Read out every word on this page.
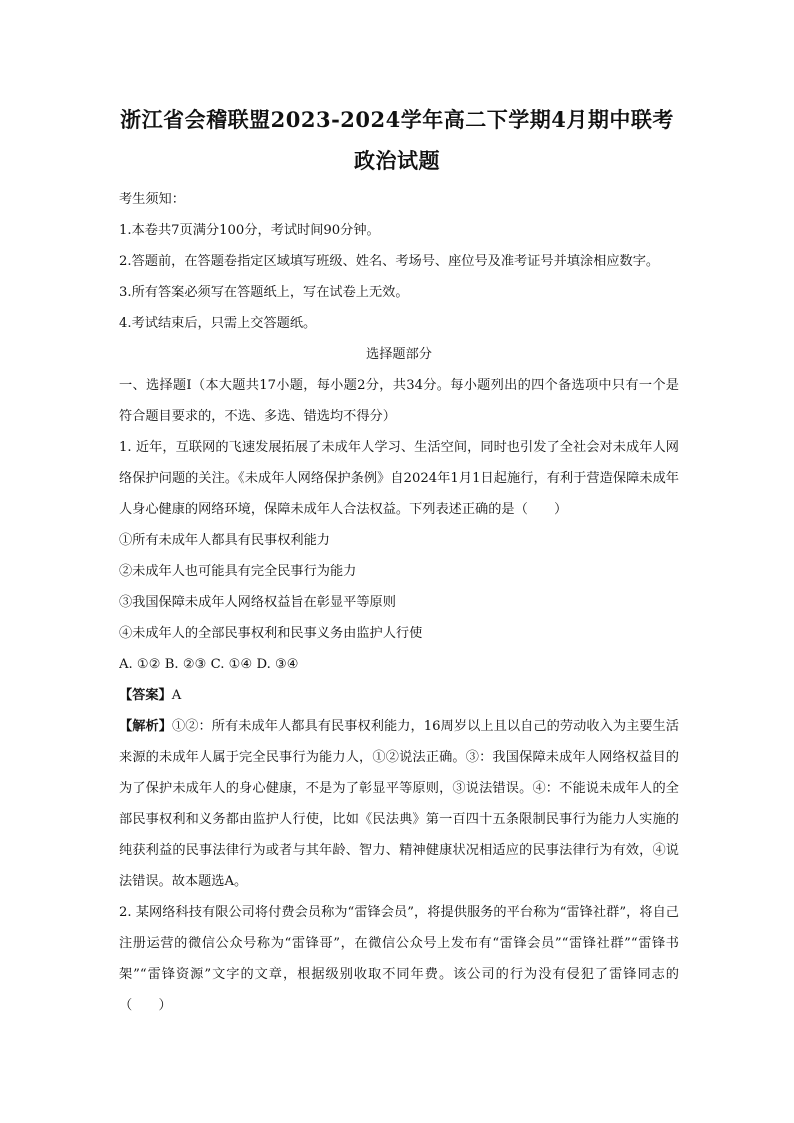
浙江省会稽联盟2023-2024学年高二下学期4月期中联考
政治试题
考生须知：
1.本卷共7页满分100分，考试时间90分钟。
2.答题前，在答题卷指定区域填写班级、姓名、考场号、座位号及准考证号并填涂相应数字。
3.所有答案必须写在答题纸上，写在试卷上无效。
4.考试结束后，只需上交答题纸。
选择题部分
一、选择题Ⅰ（本大题共17小题，每小题2分，共34分。每小题列出的四个备选项中只有一个是符合题目要求的，不选、多选、错选均不得分）
1. 近年，互联网的飞速发展拓展了未成年人学习、生活空间，同时也引发了全社会对未成年人网络保护问题的关注。《未成年人网络保护条例》自2024年1月1日起施行，有利于营造保障未成年人身心健康的网络环境，保障未成年人合法权益。下列表述正确的是（　　）
①所有未成年人都具有民事权利能力
②未成年人也可能具有完全民事行为能力
③我国保障未成年人网络权益旨在彰显平等原则
④未成年人的全部民事权利和民事义务由监护人行使
A. ①② B. ②③ C. ①④ D. ③④
【答案】A
【解析】①②：所有未成年人都具有民事权利能力，16周岁以上且以自己的劳动收入为主要生活来源的未成年人属于完全民事行为能力人，①②说法正确。③：我国保障未成年人网络权益目的为了保护未成年人的身心健康，不是为了彰显平等原则，③说法错误。④：不能说未成年人的全部民事权利和义务都由监护人行使，比如《民法典》第一百四十五条限制民事行为能力人实施的纯获利益的民事法律行为或者与其年龄、智力、精神健康状况相适应的民事法律行为有效，④说法错误。故本题选A。
2. 某网络科技有限公司将付费会员称为“雷锋会员”，将提供服务的平台称为“雷锋社群”，将自己注册运营的微信公众号称为“雷锋哥”，在微信公众号上发布有“雷锋会员”“雷锋社群”“雷锋书架”“雷锋资源”文字的文章，根据级别收取不同年费。该公司的行为没有侵犯了雷锋同志的（　　）
